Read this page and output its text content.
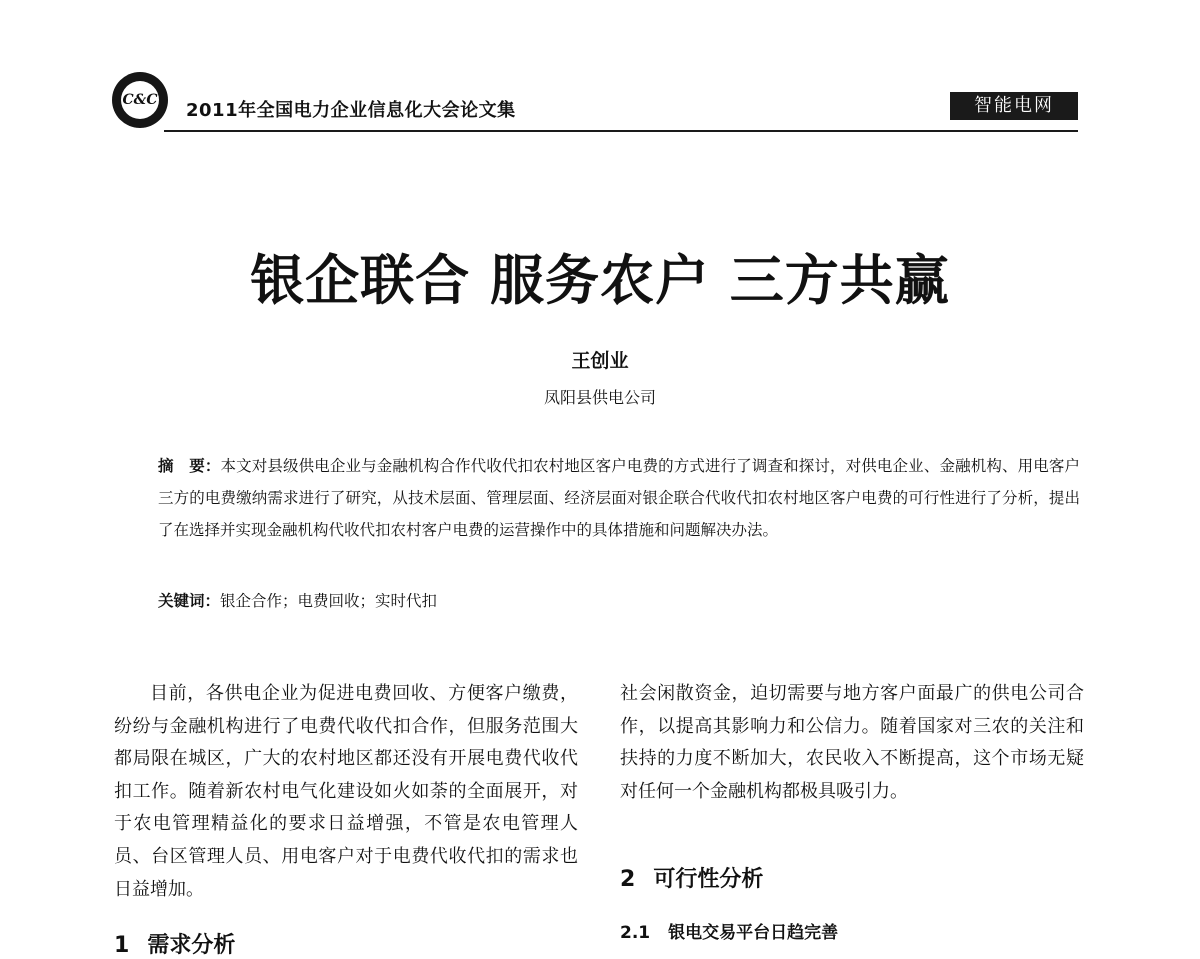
C&C 2011年全国电力企业信息化大会论文集	智能电网
银企联合 服务农户 三方共赢
王创业
凤阳县供电公司
摘　要：本文对县级供电企业与金融机构合作代收代扣农村地区客户电费的方式进行了调查和探讨，对供电企业、金融机构、用电客户三方的电费缴纳需求进行了研究，从技术层面、管理层面、经济层面对银企联合代收代扣农村地区客户电费的可行性进行了分析，提出了在选择并实现金融机构代收代扣农村客户电费的运营操作中的具体措施和问题解决办法。
关键词：银企合作；电费回收；实时代扣

目前，各供电企业为促进电费回收、方便客户缴费，纷纷与金融机构进行了电费代收代扣合作，但服务范围大都局限在城区，广大的农村地区都还没有开展电费代收代扣工作。随着新农村电气化建设如火如荼的全面展开，对于农电管理精益化的要求日益增强，不管是农电管理人员、台区管理人员、用电客户对于电费代收代扣的需求也日益增加。

1 需求分析

社会闲散资金，迫切需要与地方客户面最广的供电公司合作，以提高其影响力和公信力。随着国家对三农的关注和扶持的力度不断加大，农民收入不断提高，这个市场无疑对任何一个金融机构都极具吸引力。

2 可行性分析
2.1 银电交易平台日趋完善
